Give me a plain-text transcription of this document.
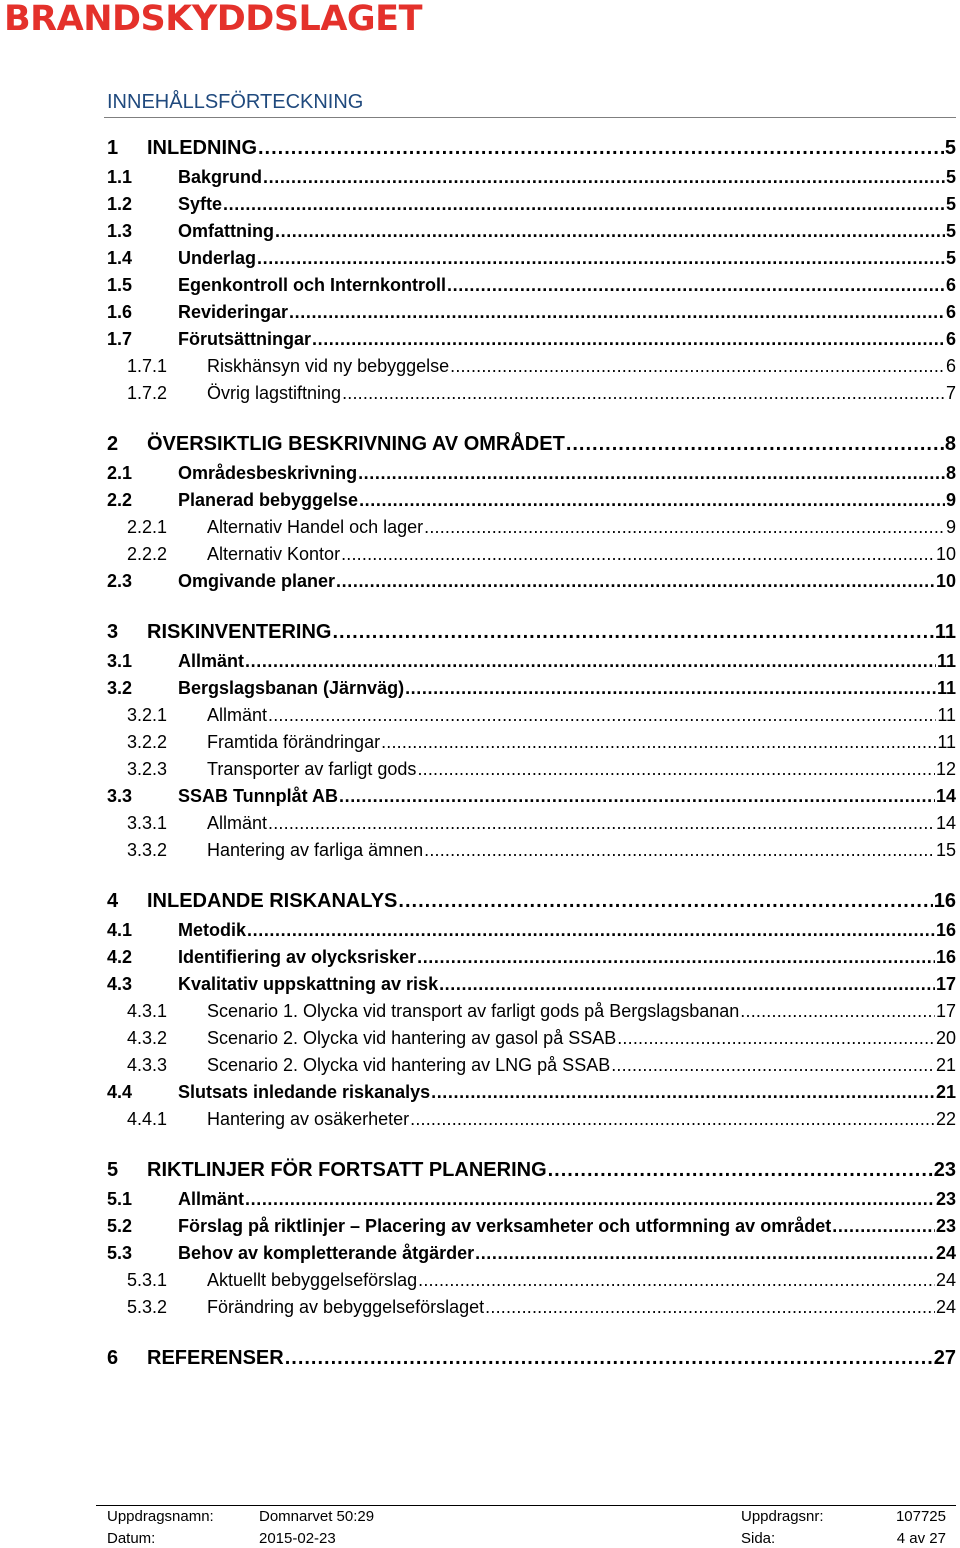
BRANDSKYDDSLAGET
INNEHÅLLSFÖRTECKNING
1	INLEDNING .....	5
1.1	Bakgrund .....	5
1.2	Syfte .....	5
1.3	Omfattning .....	5
1.4	Underlag .....	5
1.5	Egenkontroll och Internkontroll .....	6
1.6	Revideringar .....	6
1.7	Förutsättningar .....	6
1.7.1	Riskhänsyn vid ny bebyggelse .....	6
1.7.2	Övrig lagstiftning .....	7
2	ÖVERSIKTLIG BESKRIVNING AV OMRÅDET .....	8
2.1	Områdesbeskrivning .....	8
2.2	Planerad bebyggelse .....	9
2.2.1	Alternativ Handel och lager .....	9
2.2.2	Alternativ Kontor .....	10
2.3	Omgivande planer .....	10
3	RISKINVENTERING .....	11
3.1	Allmänt .....	11
3.2	Bergslagsbanan (Järnväg) .....	11
3.2.1	Allmänt .....	11
3.2.2	Framtida förändringar .....	11
3.2.3	Transporter av farligt gods .....	12
3.3	SSAB Tunnplåt AB .....	14
3.3.1	Allmänt .....	14
3.3.2	Hantering av farliga ämnen .....	15
4	INLEDANDE RISKANALYS .....	16
4.1	Metodik .....	16
4.2	Identifiering av olycksrisker .....	16
4.3	Kvalitativ uppskattning av risk .....	17
4.3.1	Scenario 1. Olycka vid transport av farligt gods på Bergslagsbanan .....	17
4.3.2	Scenario 2. Olycka vid hantering av gasol på SSAB .....	20
4.3.3	Scenario 2. Olycka vid hantering av LNG på SSAB .....	21
4.4	Slutsats inledande riskanalys .....	21
4.4.1	Hantering av osäkerheter .....	22
5	RIKTLINJER FÖR FORTSATT PLANERING .....	23
5.1	Allmänt .....	23
5.2	Förslag på riktlinjer – Placering av verksamheter och utformning av området .....	23
5.3	Behov av kompletterande åtgärder .....	24
5.3.1	Aktuellt bebyggelseförslag .....	24
5.3.2	Förändring av bebyggelseförslaget .....	24
6	REFERENSER .....	27
Uppdragsnamn:	Domnarvet 50:29	Uppdragsnr:	107725
Datum:	2015-02-23	Sida:	4 av 27
